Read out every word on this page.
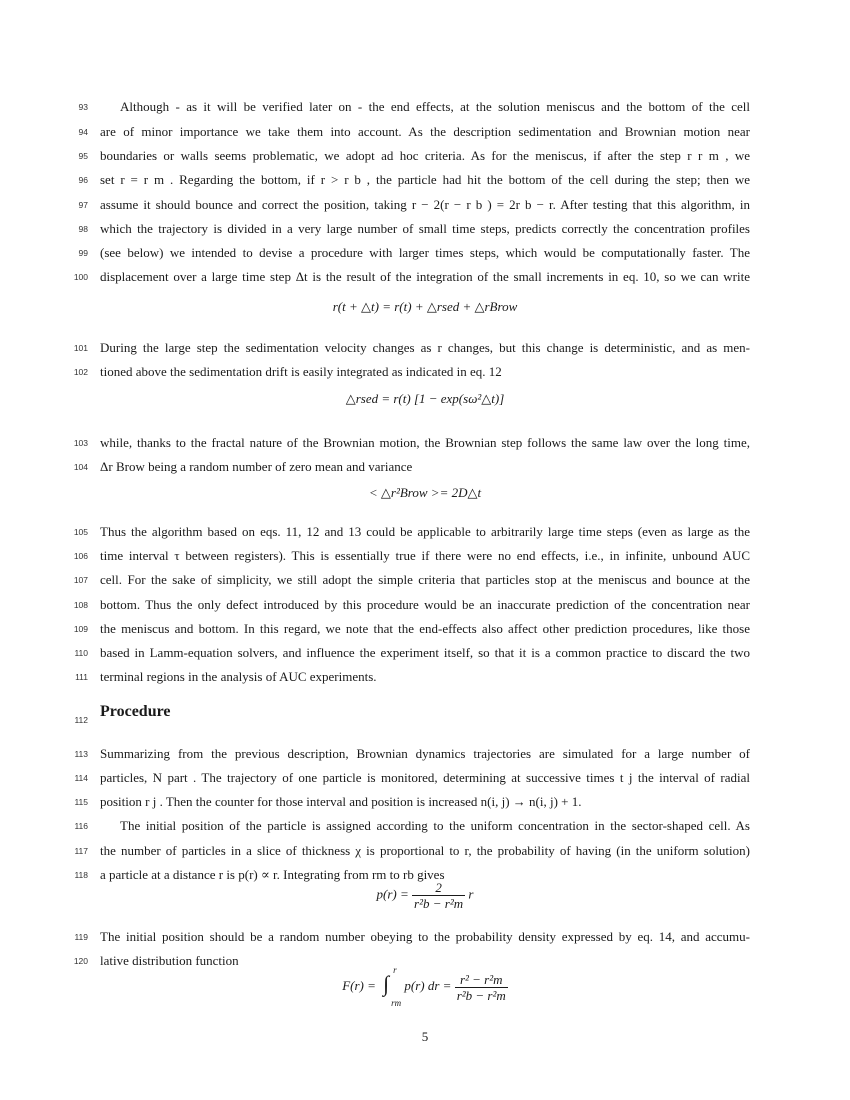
93	Although - as it will be verified later on - the end effects, at the solution meniscus and the bottom of the cell
94 are of minor importance we take them into account. As the description sedimentation and Brownian motion near
95 boundaries or walls seems problematic, we adopt ad hoc criteria. As for the meniscus, if after the step r r m , we
96 set r = r m . Regarding the bottom, if r > r b , the particle had hit the bottom of the cell during the step; then we
97 assume it should bounce and correct the position, taking r − 2(r − r b ) = 2r b − r. After testing that this algorithm, in
98 which the trajectory is divided in a very large number of small time steps, predicts correctly the concentration profiles
99 (see below) we intended to devise a procedure with larger times steps, which would be computationally faster. The
100 displacement over a large time step Δt is the result of the integration of the small increments in eq. 10, so we can write
r(t + △t) = r(t) + △rsed + △rBrow
101 During the large step the sedimentation velocity changes as r changes, but this change is deterministic, and as men-
102 tioned above the sedimentation drift is easily integrated as indicated in eq. 12
△rsed = r(t) [1 − exp(sω²△t)]
103 while, thanks to the fractal nature of the Brownian motion, the Brownian step follows the same law over the long time,
104 Δr Brow being a random number of zero mean and variance
< △r²Brow >= 2D△t
105 Thus the algorithm based on eqs. 11, 12 and 13 could be applicable to arbitrarily large time steps (even as large as the
106 time interval τ between registers). This is essentially true if there were no end effects, i.e., in infinite, unbound AUC
107 cell. For the sake of simplicity, we still adopt the simple criteria that particles stop at the meniscus and bounce at the
108 bottom. Thus the only defect introduced by this procedure would be an inaccurate prediction of the concentration near
109 the meniscus and bottom. In this regard, we note that the end-effects also affect other prediction procedures, like those
110 based in Lamm-equation solvers, and influence the experiment itself, so that it is a common practice to discard the two
111 terminal regions in the analysis of AUC experiments.
112 Procedure
113 Summarizing from the previous description, Brownian dynamics trajectories are simulated for a large number of
114 particles, N part . The trajectory of one particle is monitored, determining at successive times t j the interval of radial
115 position r j . Then the counter for those interval and position is increased n(i, j) → n(i, j) + 1.
116	The initial position of the particle is assigned according to the uniform concentration in the sector-shaped cell. As
117 the number of particles in a slice of thickness χ is proportional to r, the probability of having (in the uniform solution)
118 a particle at a distance r is p(r) ∝ r. Integrating from rm to rb gives
$p(r) = \frac{2}{\text{r²b − r²m}}$ r
119 The initial position should be a random number obeying to the probability density expressed by eq. 14, and accumu-
120 lative distribution function
F(r) = ∫
r
rm
p(r) dr = $\frac{\text{r² − r²m}}{\text{r²b − r²m}}$
5
